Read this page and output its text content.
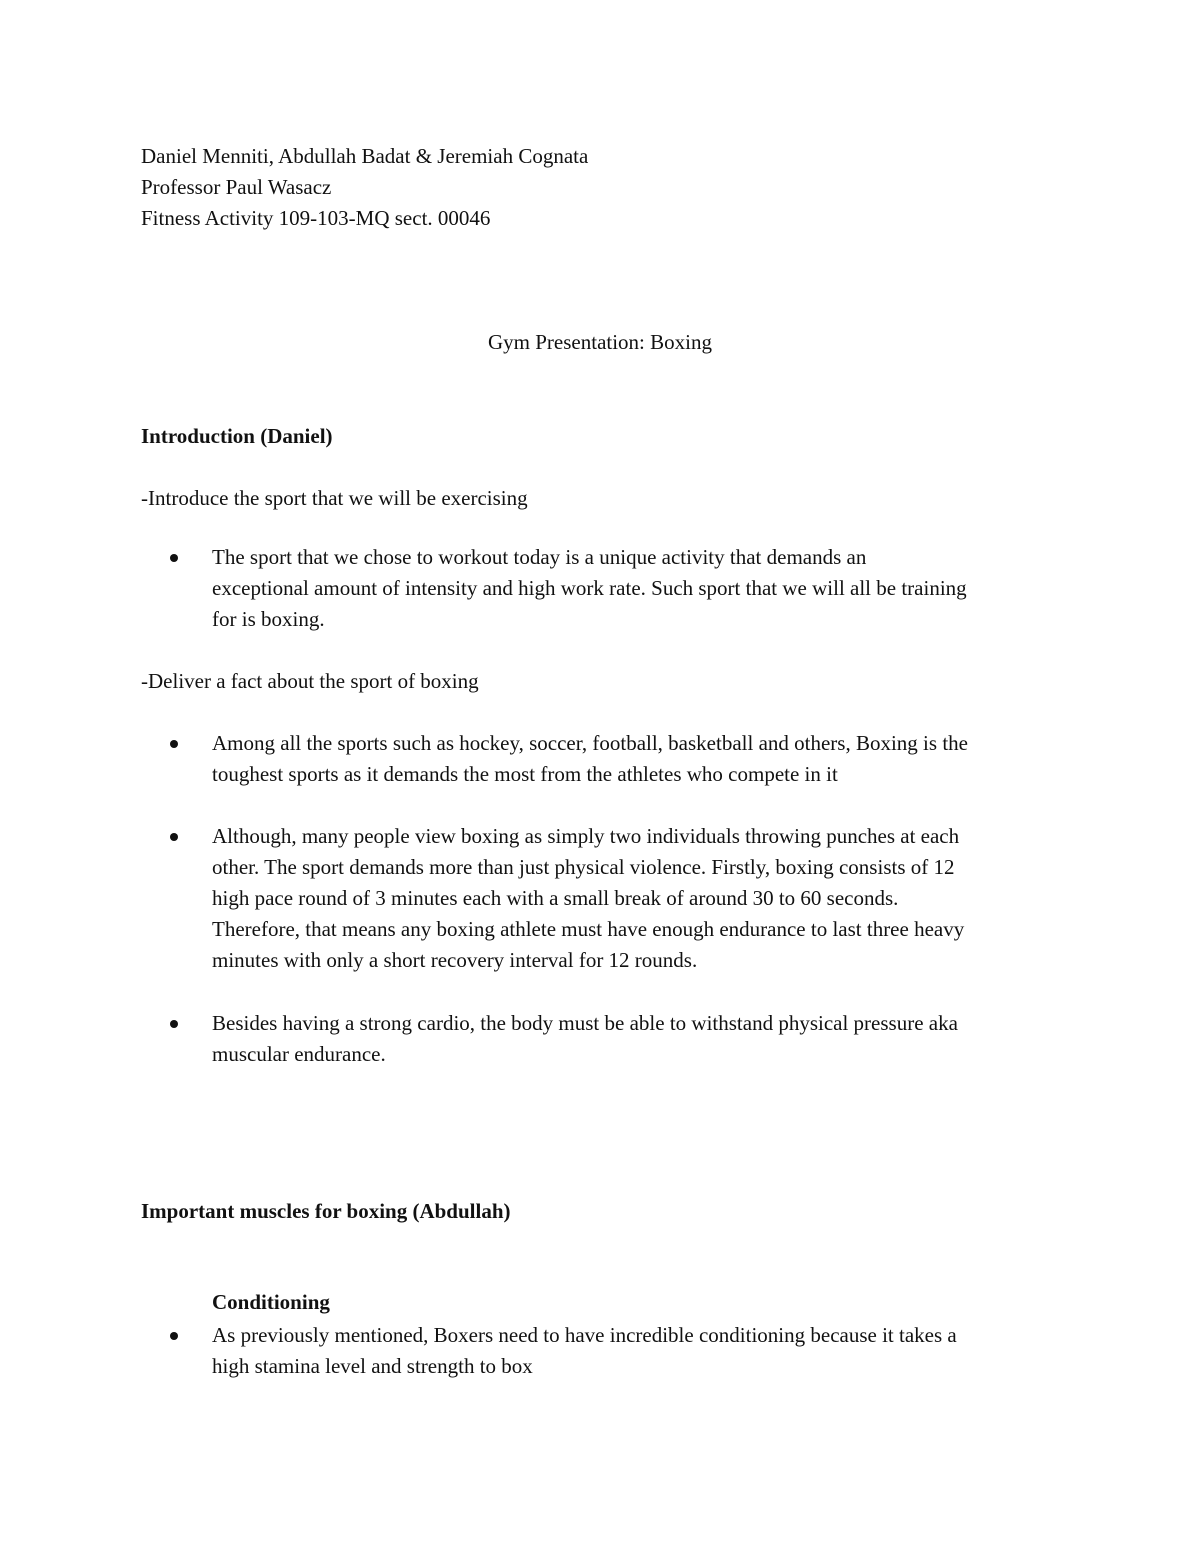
Daniel Menniti, Abdullah Badat & Jeremiah Cognata
Professor Paul Wasacz
Fitness Activity 109-103-MQ sect. 00046
Gym Presentation: Boxing
Introduction (Daniel)
-Introduce the sport that we will be exercising
The sport that we chose to workout today is a unique activity that demands an
exceptional amount of intensity and high work rate. Such sport that we will all be training
for is boxing.
-Deliver a fact about the sport of boxing
Among all the sports such as hockey, soccer, football, basketball and others, Boxing is the
toughest sports as it demands the most from the athletes who compete in it
Although, many people view boxing as simply two individuals throwing punches at each
other. The sport demands more than just physical violence. Firstly, boxing consists of 12
high pace round of 3 minutes each with a small break of around 30 to 60 seconds.
Therefore, that means any boxing athlete must have enough endurance to last three heavy
minutes with only a short recovery interval for 12 rounds.
Besides having a strong cardio, the body must be able to withstand physical pressure aka
muscular endurance.
Important muscles for boxing (Abdullah)
Conditioning
As previously mentioned, Boxers need to have incredible conditioning because it takes a
high stamina level and strength to box
